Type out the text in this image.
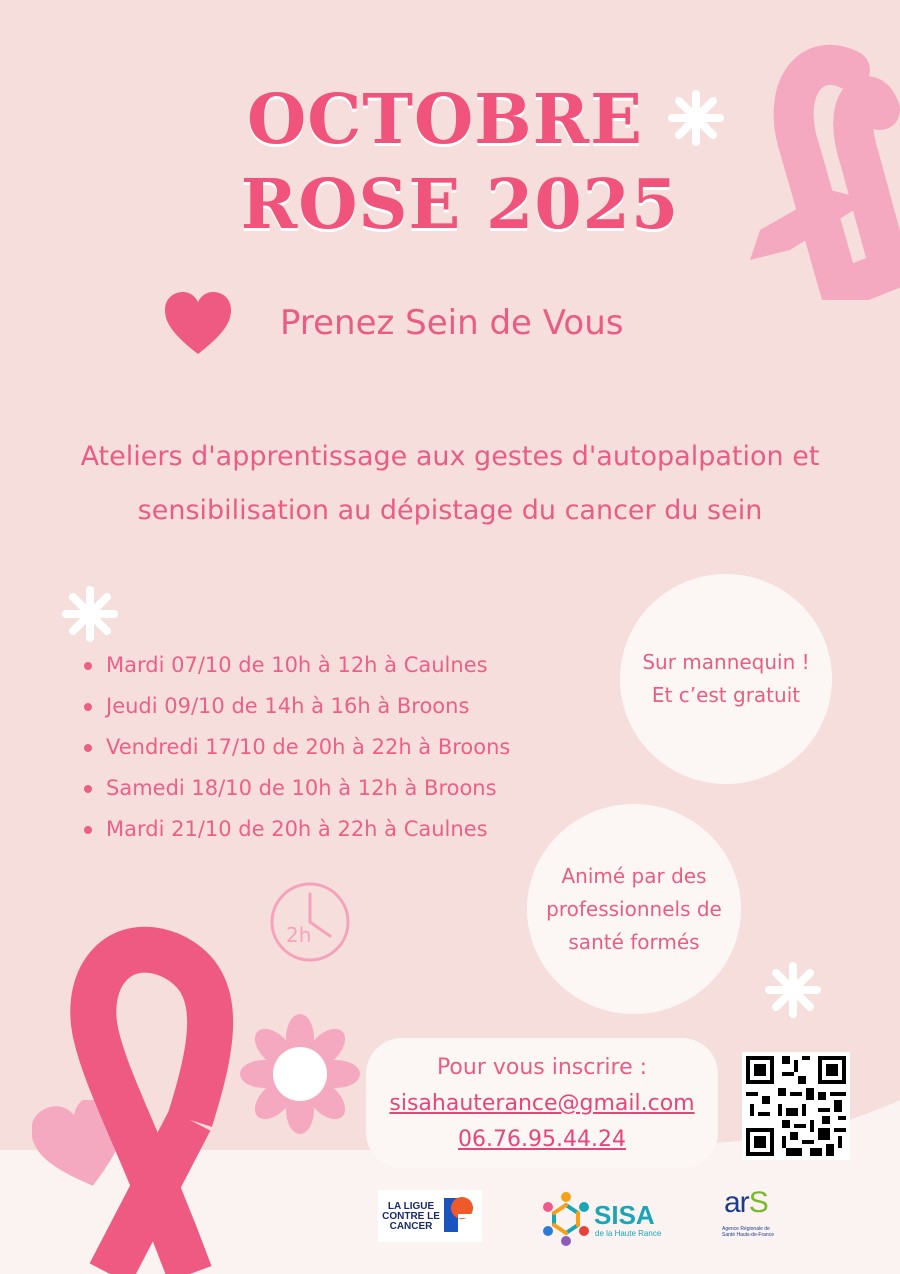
OCTOBRE
ROSE 2025
Prenez Sein de Vous
Ateliers d'apprentissage aux gestes d'autopalpation et sensibilisation au dépistage du cancer du sein
Mardi 07/10 de 10h à 12h à Caulnes
Jeudi 09/10 de 14h à 16h à Broons
Vendredi 17/10 de 20h à 22h à Broons
Samedi 18/10 de 10h à 12h à Broons
Mardi 21/10 de 20h à 22h à Caulnes
Sur mannequin !
Et c’est gratuit
Animé par des
professionnels de
santé formés
2h
Pour vous inscrire :
sisahauterance@gmail.com
06.76.95.44.24
LA LIGUE CONTRE LE CANCER	SISA
de la Haute Rance
arS
Agence Régionale de Santé Hauts-de-France
